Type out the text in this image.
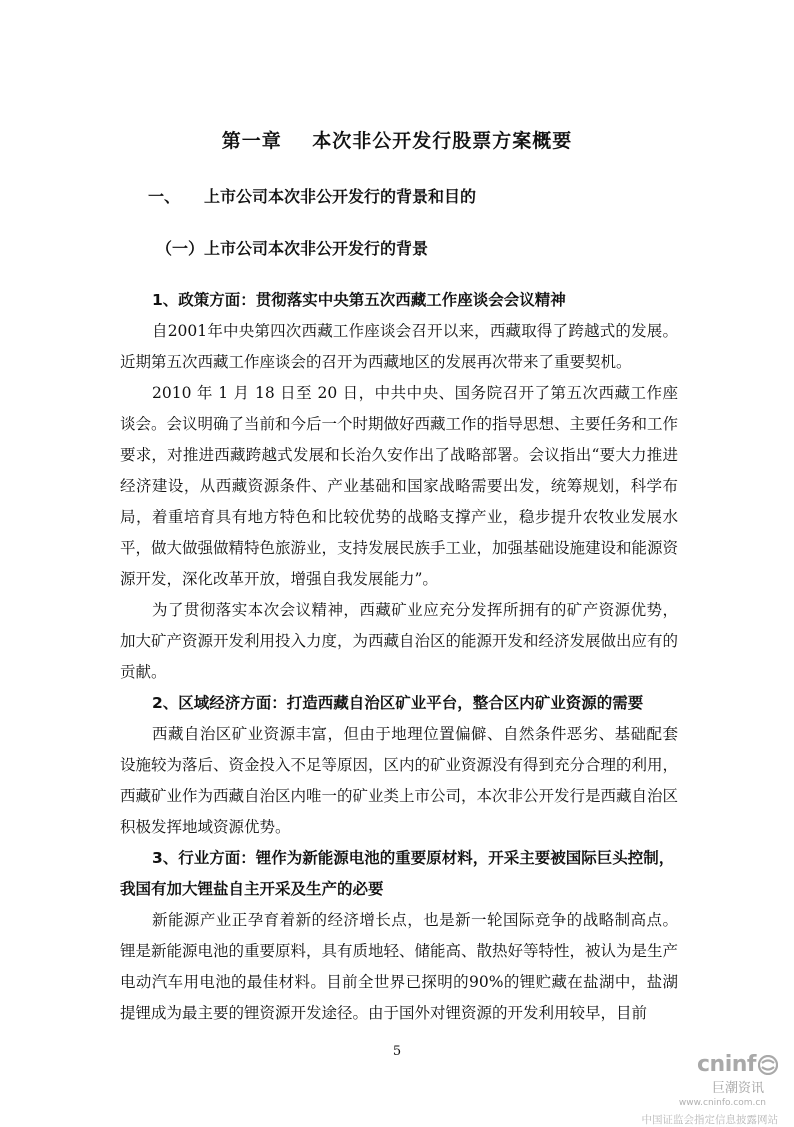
第一章    本次非公开发行股票方案概要
一、 上市公司本次非公开发行的背景和目的
（一）上市公司本次非公开发行的背景
1、政策方面：贯彻落实中央第五次西藏工作座谈会会议精神
自2001年中央第四次西藏工作座谈会召开以来，西藏取得了跨越式的发展。近期第五次西藏工作座谈会的召开为西藏地区的发展再次带来了重要契机。
2010 年 1 月 18 日至 20 日，中共中央、国务院召开了第五次西藏工作座谈会。会议明确了当前和今后一个时期做好西藏工作的指导思想、主要任务和工作要求，对推进西藏跨越式发展和长治久安作出了战略部署。会议指出“要大力推进经济建设，从西藏资源条件、产业基础和国家战略需要出发，统筹规划，科学布局，着重培育具有地方特色和比较优势的战略支撑产业，稳步提升农牧业发展水平，做大做强做精特色旅游业，支持发展民族手工业，加强基础设施建设和能源资源开发，深化改革开放，增强自我发展能力”。
为了贯彻落实本次会议精神，西藏矿业应充分发挥所拥有的矿产资源优势，加大矿产资源开发利用投入力度，为西藏自治区的能源开发和经济发展做出应有的贡献。
2、区域经济方面：打造西藏自治区矿业平台，整合区内矿业资源的需要
西藏自治区矿业资源丰富，但由于地理位置偏僻、自然条件恶劣、基础配套设施较为落后、资金投入不足等原因，区内的矿业资源没有得到充分合理的利用，西藏矿业作为西藏自治区内唯一的矿业类上市公司，本次非公开发行是西藏自治区积极发挥地域资源优势。
3、行业方面：锂作为新能源电池的重要原材料，开采主要被国际巨头控制，我国有加大锂盐自主开采及生产的必要
新能源产业正孕育着新的经济增长点，也是新一轮国际竞争的战略制高点。锂是新能源电池的重要原料，具有质地轻、储能高、散热好等特性，被认为是生产电动汽车用电池的最佳材料。目前全世界已探明的90%的锂贮藏在盐湖中，盐湖提锂成为最主要的锂资源开发途径。由于国外对锂资源的开发利用较早，目前
5
cninf
巨潮资讯
www.cninfo.com.cn
中国证监会指定信息披露网站
